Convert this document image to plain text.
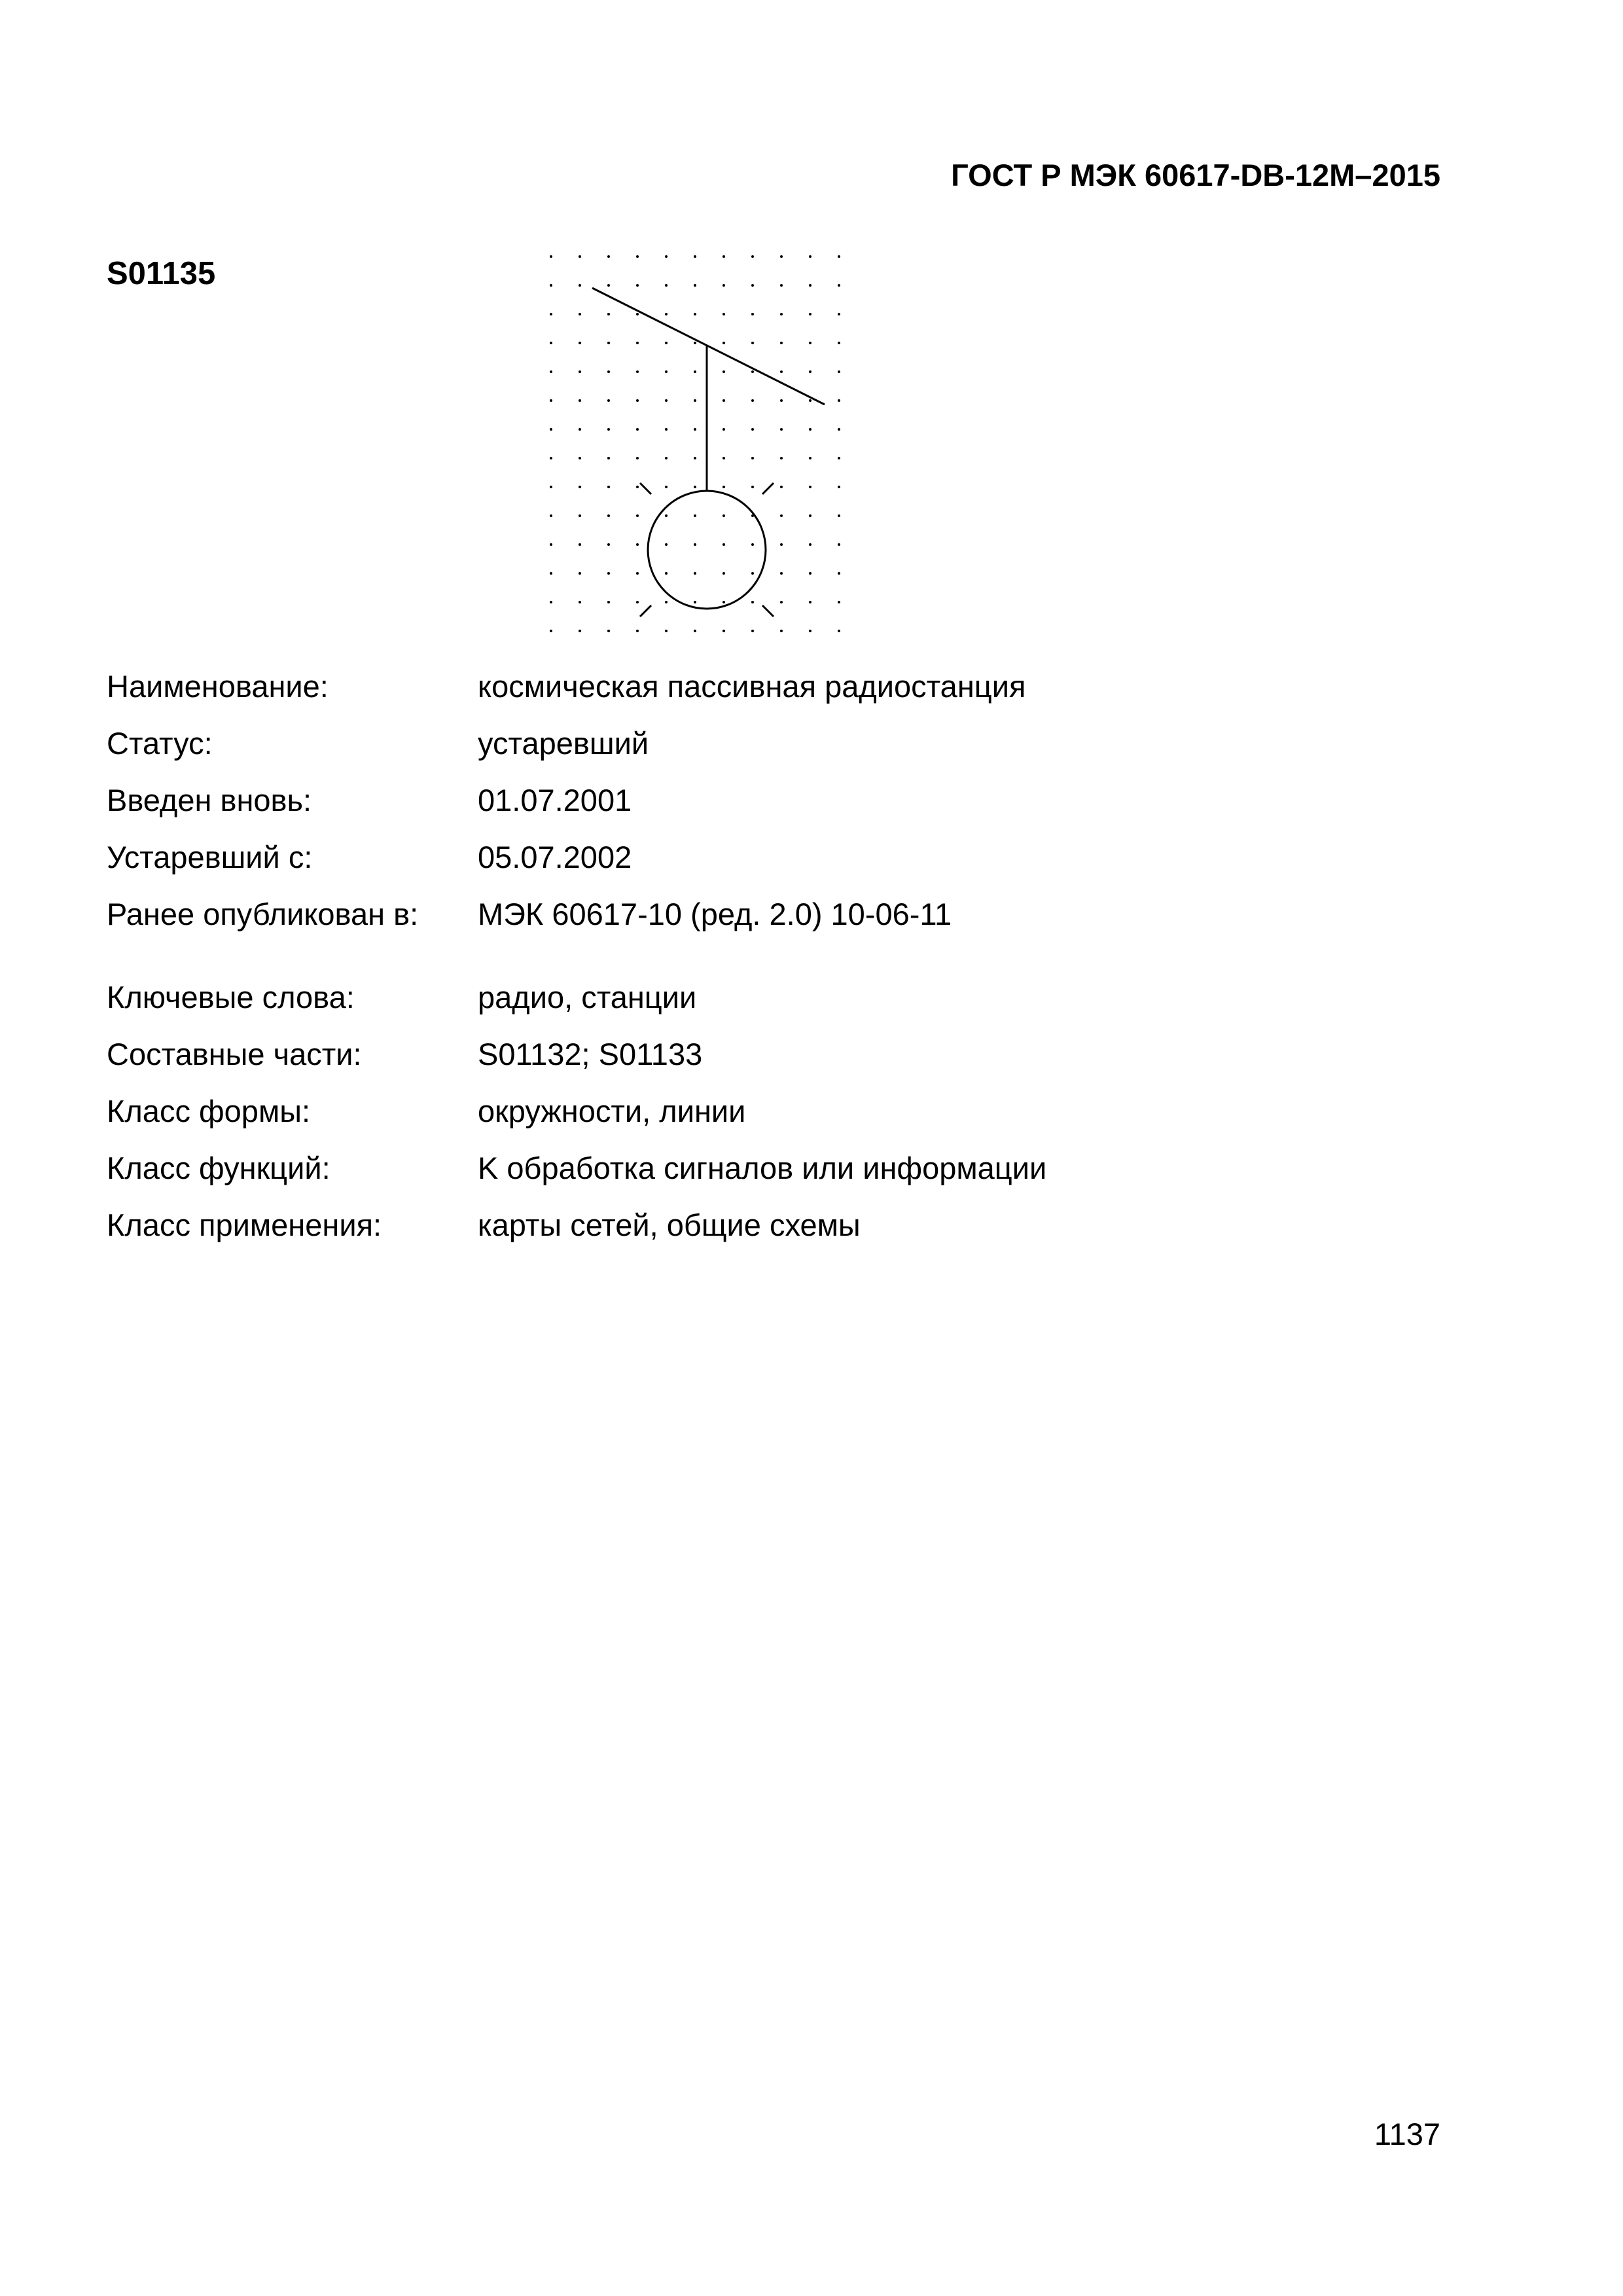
ГОСТ Р МЭК 60617-DB-12М–2015
S01135
Наименование:	космическая пассивная радиостанция
Статус:	устаревший
Введен вновь:	01.07.2001
Устаревший с:	05.07.2002
Ранее опубликован в:	МЭК 60617-10 (ред. 2.0) 10-06-11
Ключевые слова:	радио, станции
Составные части:	S01132; S01133
Класс формы:	окружности, линии
Класс функций:	K обработка сигналов или информации
Класс применения:	карты сетей, общие схемы
1137
